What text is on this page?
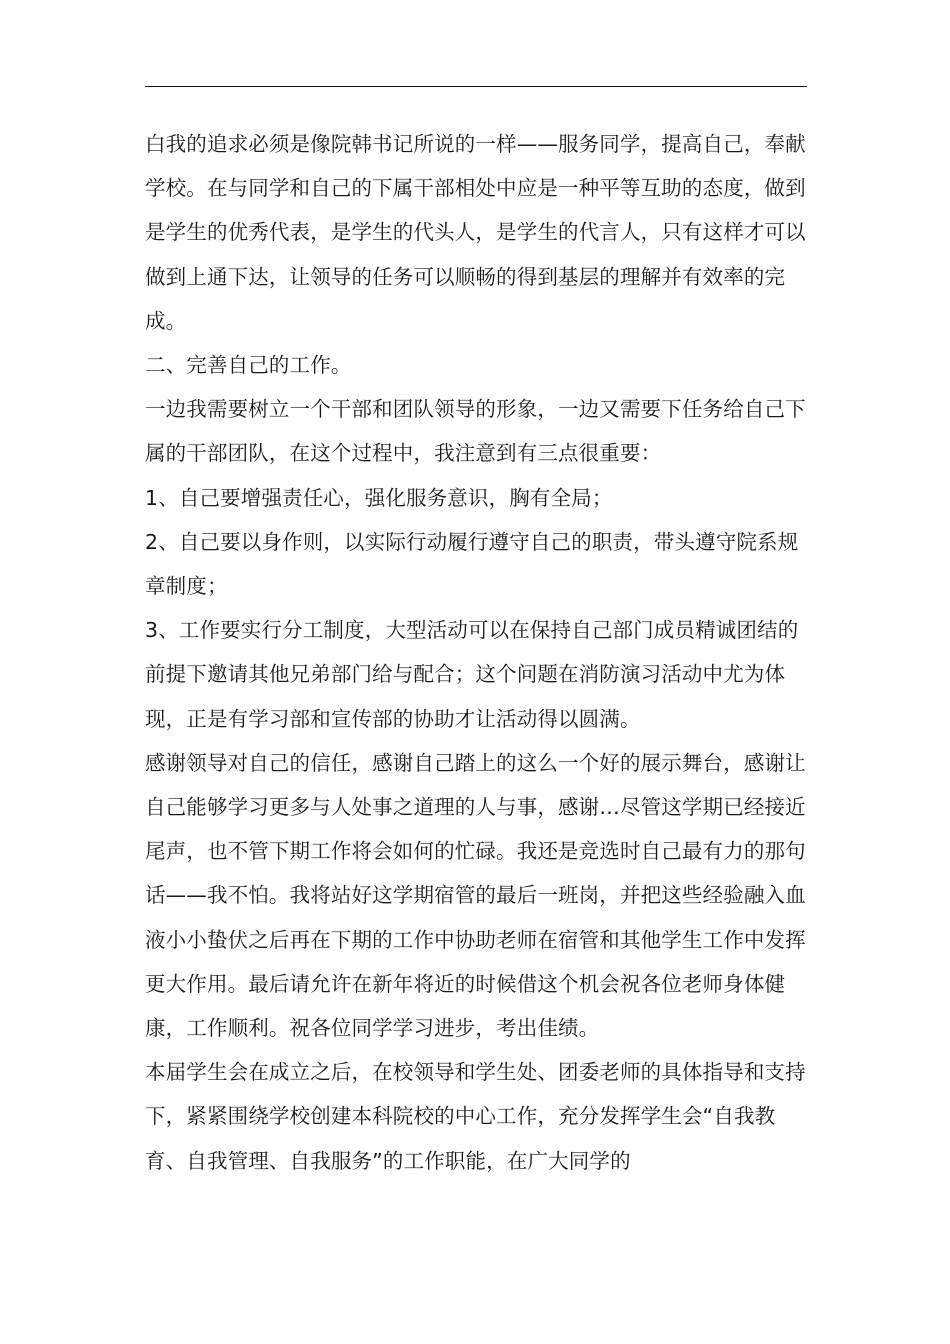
白我的追求必须是像院韩书记所说的一样——服务同学，提高自己，奉献学校。在与同学和自己的下属干部相处中应是一种平等互助的态度，做到是学生的优秀代表，是学生的代头人，是学生的代言人，只有这样才可以做到上通下达，让领导的任务可以顺畅的得到基层的理解并有效率的完成。

二、完善自己的工作。

一边我需要树立一个干部和团队领导的形象，一边又需要下任务给自己下属的干部团队，在这个过程中，我注意到有三点很重要：

1、自己要增强责任心，强化服务意识，胸有全局；

2、自己要以身作则，以实际行动履行遵守自己的职责，带头遵守院系规章制度；

3、工作要实行分工制度，大型活动可以在保持自己部门成员精诚团结的前提下邀请其他兄弟部门给与配合；这个问题在消防演习活动中尤为体现，正是有学习部和宣传部的协助才让活动得以圆满。

感谢领导对自己的信任，感谢自己踏上的这么一个好的展示舞台，感谢让自己能够学习更多与人处事之道理的人与事，感谢…尽管这学期已经接近尾声，也不管下期工作将会如何的忙碌。我还是竞选时自己最有力的那句话——我不怕。我将站好这学期宿管的最后一班岗，并把这些经验融入血液小小蛰伏之后再在下期的工作中协助老师在宿管和其他学生工作中发挥更大作用。最后请允许在新年将近的时候借这个机会祝各位老师身体健康，工作顺利。祝各位同学学习进步，考出佳绩。

本届学生会在成立之后，在校领导和学生处、团委老师的具体指导和支持下，紧紧围绕学校创建本科院校的中心工作，充分发挥学生会“自我教育、自我管理、自我服务”的工作职能，在广大同学的
